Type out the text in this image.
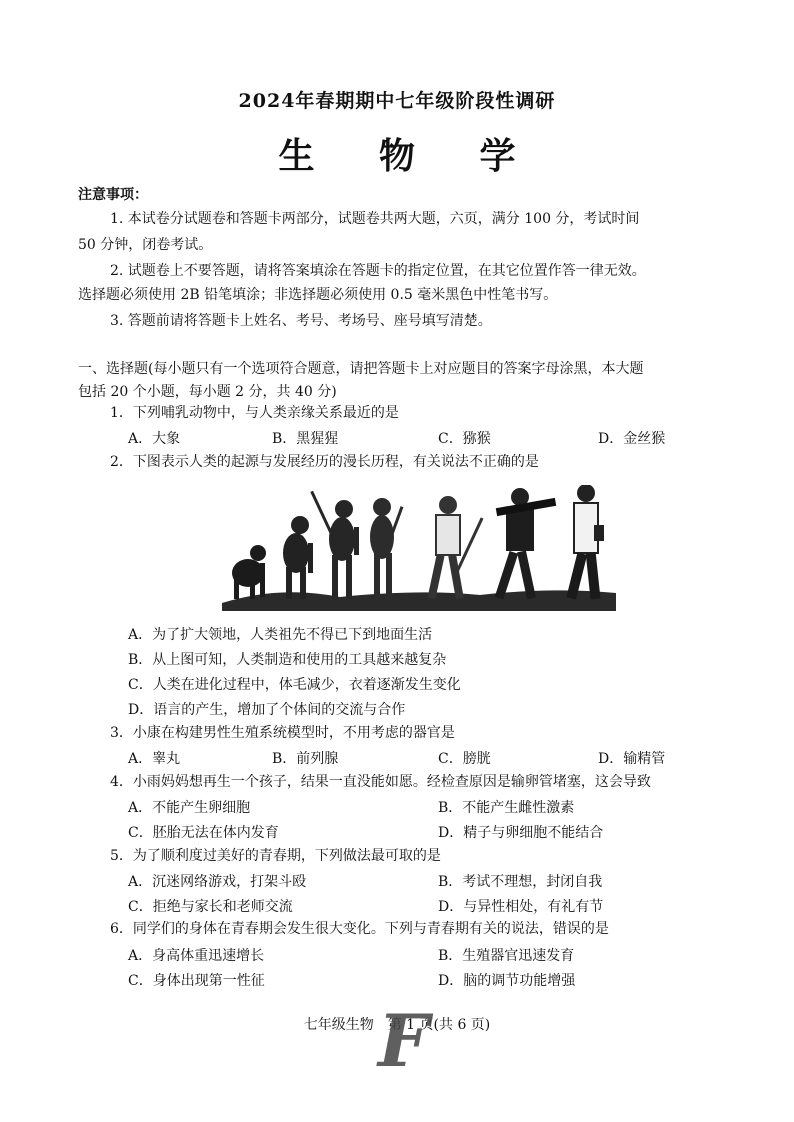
2024年春期期中七年级阶段性调研
生 物 学
注意事项：
1. 本试卷分试题卷和答题卡两部分，试题卷共两大题，六页，满分 100 分，考试时间
50 分钟，闭卷考试。
2. 试题卷上不要答题，请将答案填涂在答题卡的指定位置，在其它位置作答一律无效。
选择题必须使用 2B 铅笔填涂；非选择题必须使用 0.5 毫米黑色中性笔书写。
3. 答题前请将答题卡上姓名、考号、考场号、座号填写清楚。
一、选择题(每小题只有一个选项符合题意，请把答题卡上对应题目的答案字母涂黑，本大题
包括 20 个小题，每小题 2 分，共 40 分)
1．下列哺乳动物中，与人类亲缘关系最近的是
A．大象	B．黑猩猩	C．猕猴	D．金丝猴
2．下图表示人类的起源与发展经历的漫长历程，有关说法不正确的是
A．为了扩大领地，人类祖先不得已下到地面生活
B．从上图可知，人类制造和使用的工具越来越复杂
C．人类在进化过程中，体毛减少，衣着逐渐发生变化
D．语言的产生，增加了个体间的交流与合作
3．小康在构建男性生殖系统模型时，不用考虑的器官是
A．睾丸	B．前列腺	C．膀胱	D．输精管
4．小雨妈妈想再生一个孩子，结果一直没能如愿。经检查原因是输卵管堵塞，这会导致
A．不能产生卵细胞	B．不能产生雌性激素
C．胚胎无法在体内发育	D．精子与卵细胞不能结合
5．为了顺利度过美好的青春期，下列做法最可取的是
A．沉迷网络游戏，打架斗殴	B．考试不理想，封闭自我
C．拒绝与家长和老师交流	D．与异性相处，有礼有节
6．同学们的身体在青春期会发生很大变化。下列与青春期有关的说法，错误的是
A．身高体重迅速增长	B．生殖器官迅速发育
C．身体出现第一性征	D．脑的调节功能增强
七年级生物　第 1 页(共 6 页)
F
